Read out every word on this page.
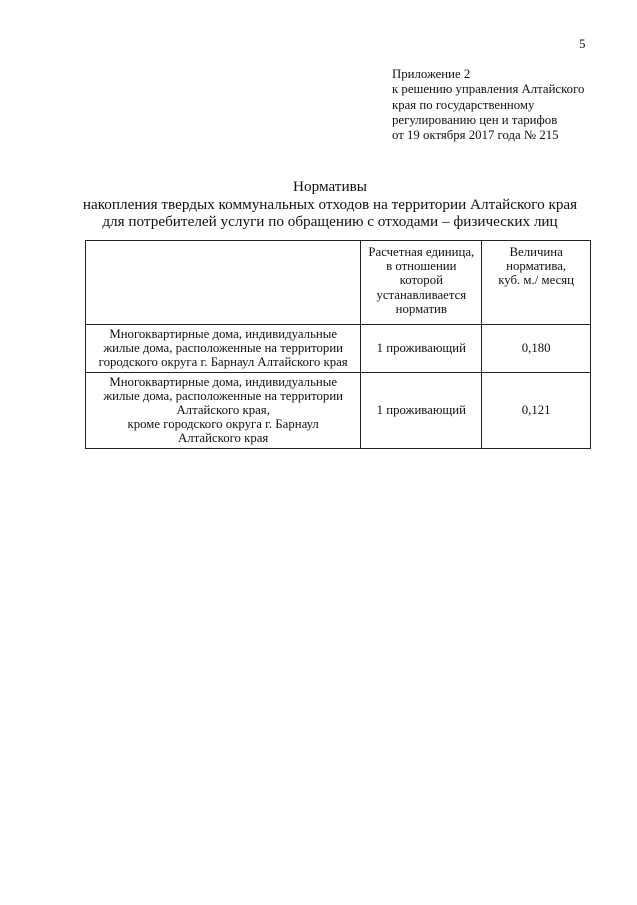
5
Приложение 2
к решению управления Алтайского
края по государственному
регулированию цен и тарифов
от 19 октября 2017 года № 215
Нормативы
накопления твердых коммунальных отходов на территории Алтайского края
для потребителей услуги по обращению с отходами – физических лиц

	Расчетная единица,
в отношении
которой
устанавливается
норматив	Величина
норматива,
куб. м./ месяц

Многоквартирные дома, индивидуальные
жилые дома, расположенные на территории
городского округа г. Барнаул Алтайского края	1 проживающий	0,180

Многоквартирные дома, индивидуальные
жилые дома, расположенные на территории
Алтайского края,
кроме городского округа г. Барнаул
Алтайского края	1 проживающий	0,121
